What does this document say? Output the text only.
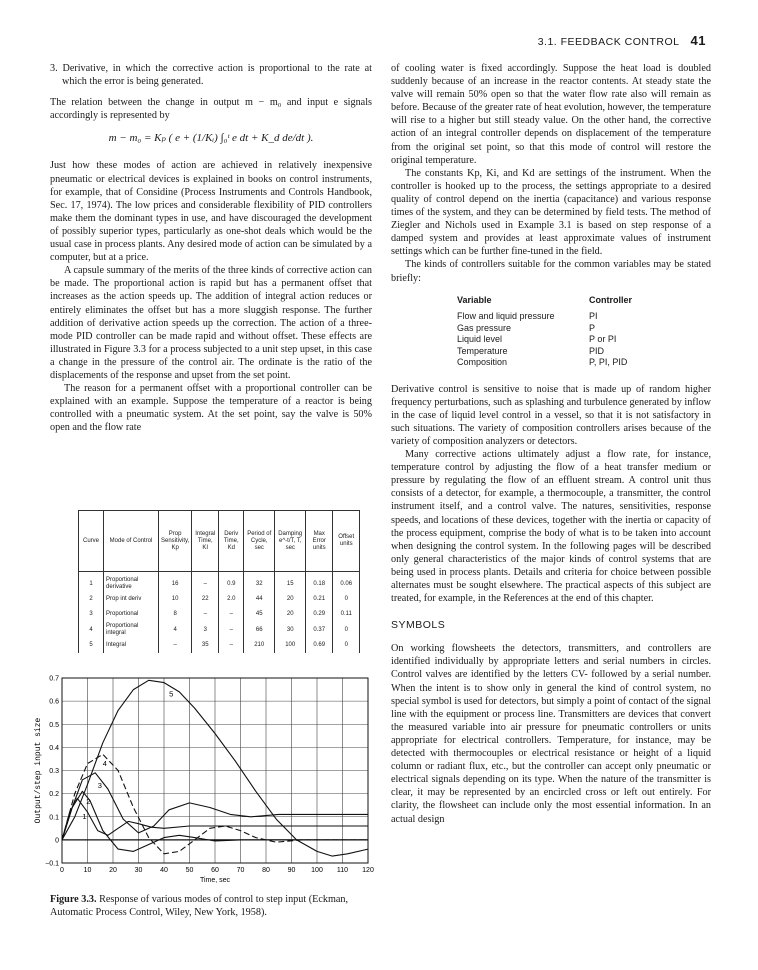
3.1. FEEDBACK CONTROL 41

3. Derivative, in which the corrective action is proportional to the rate at which the error is being generated.

The relation between the change in output m − m₀ and input e signals accordingly is represented by

m − m₀ = Kₚ ( e + (1/Kᵢ) ∫₀ᵗ e dt + K_d de/dt ).

Just how these modes of action are achieved in relatively inexpensive pneumatic or electrical devices is explained in books on control instruments, for example, that of Considine (Process Instruments and Controls Handbook, Sec. 17, 1974). The low prices and considerable flexibility of PID controllers make them the dominant types in use, and have discouraged the development of possibly superior types, particularly as one-shot deals which would be the usual case in process plants. Any desired mode of action can be simulated by a computer, but at a price.

A capsule summary of the merits of the three kinds of corrective action can be made. The proportional action is rapid but has a permanent offset that increases as the action speeds up. The addition of integral action reduces or entirely eliminates the offset but has a more sluggish response. The further addition of derivative action speeds up the correction. The action of a three-mode PID controller can be made rapid and without offset. These effects are illustrated in Figure 3.3 for a process subjected to a unit step upset, in this case a change in the pressure of the control air. The ordinate is the ratio of the displacements of the response and upset from the set point.

The reason for a permanent offset with a proportional controller can be explained with an example. Suppose the temperature of a reactor is being controlled with a pneumatic system. At the set point, say the valve is 50% open and the flow rate

Curve	Mode of Control	Prop Sensitivity, Kp	Integral Time, KI	Deriv Time, Kd	Period of Cycle, sec	Damping e^-t/T, T, sec	Max Error units	Offset units
1	Proportional derivative	16	–	0.9	32	15	0.18	0.06
2	Prop int deriv	10	22	2.0	44	20	0.21	0
3	Proportional	8	–	–	45	20	0.29	0.11
4	Proportional integral	4	3	–	66	30	0.37	0
5	Integral	–	35	–	210	100	0.69	0
0	10	20	30	40	50	60	70	80	90 100 110 120
−0.1
0
0.1
0.2
0.3
0.4
0.5
0.6
0.7
Time, sec
Output/step input size	1
2
3
4
5
Figure 3.3. Response of various modes of control to step input (Eckman, Automatic Process Control, Wiley, New York, 1958).

of cooling water is fixed accordingly. Suppose the heat load is doubled suddenly because of an increase in the reactor contents. At steady state the valve will remain 50% open so that the water flow rate also will remain as before. Because of the greater rate of heat evolution, however, the temperature will rise to a higher but still steady value. On the other hand, the corrective action of an integral controller depends on displacement of the temperature from the original set point, so that this mode of control will restore the original temperature.

The constants Kp, Ki, and Kd are settings of the instrument. When the controller is hooked up to the process, the settings appropriate to a desired quality of control depend on the inertia (capacitance) and various response times of the system, and they can be determined by field tests. The method of Ziegler and Nichols used in Example 3.1 is based on step response of a damped system and provides at least approximate values of instrument settings which can be further fine-tuned in the field.

The kinds of controllers suitable for the common variables may be stated briefly:

Variable	Controller
Flow and liquid pressure	PI
Gas pressure	P
Liquid level	P or PI
Temperature	PID
Composition	P, PI, PID

Derivative control is sensitive to noise that is made up of random higher frequency perturbations, such as splashing and turbulence generated by inflow in the case of liquid level control in a vessel, so that it is not satisfactory in such situations. The variety of composition controllers arises because of the variety of composition analyzers or detectors.

Many corrective actions ultimately adjust a flow rate, for instance, temperature control by adjusting the flow of a heat transfer medium or pressure by regulating the flow of an effluent stream. A control unit thus consists of a detector, for example, a thermocouple, a transmitter, the control instrument itself, and a control valve. The natures, sensitivities, response speeds, and locations of these devices, together with the inertia or capacity of the process equipment, comprise the body of what is to be taken into account when designing the control system. In the following pages will be described only general characteristics of the major kinds of control systems that are being used in process plants. Details and criteria for choice between possible alternates must be sought elsewhere. The practical aspects of this subject are treated, for example, in the References at the end of this chapter.

SYMBOLS

On working flowsheets the detectors, transmitters, and controllers are identified individually by appropriate letters and serial numbers in circles. Control valves are identified by the letters CV- followed by a serial number. When the intent is to show only in general the kind of control system, no special symbol is used for detectors, but simply a point of contact of the signal line with the equipment or process line. Transmitters are devices that convert the measured variable into air pressure for pneumatic controllers or units appropriate for electrical controllers. Temperature, for instance, may be detected with thermocouples or electrical resistance or height of a liquid column or radiant flux, etc., but the controller can accept only pneumatic or electrical signals depending on its type. When the nature of the transmitter is clear, it may be represented by an encircled cross or left out entirely. For clarity, the flowsheet can include only the most essential information. In an actual design
